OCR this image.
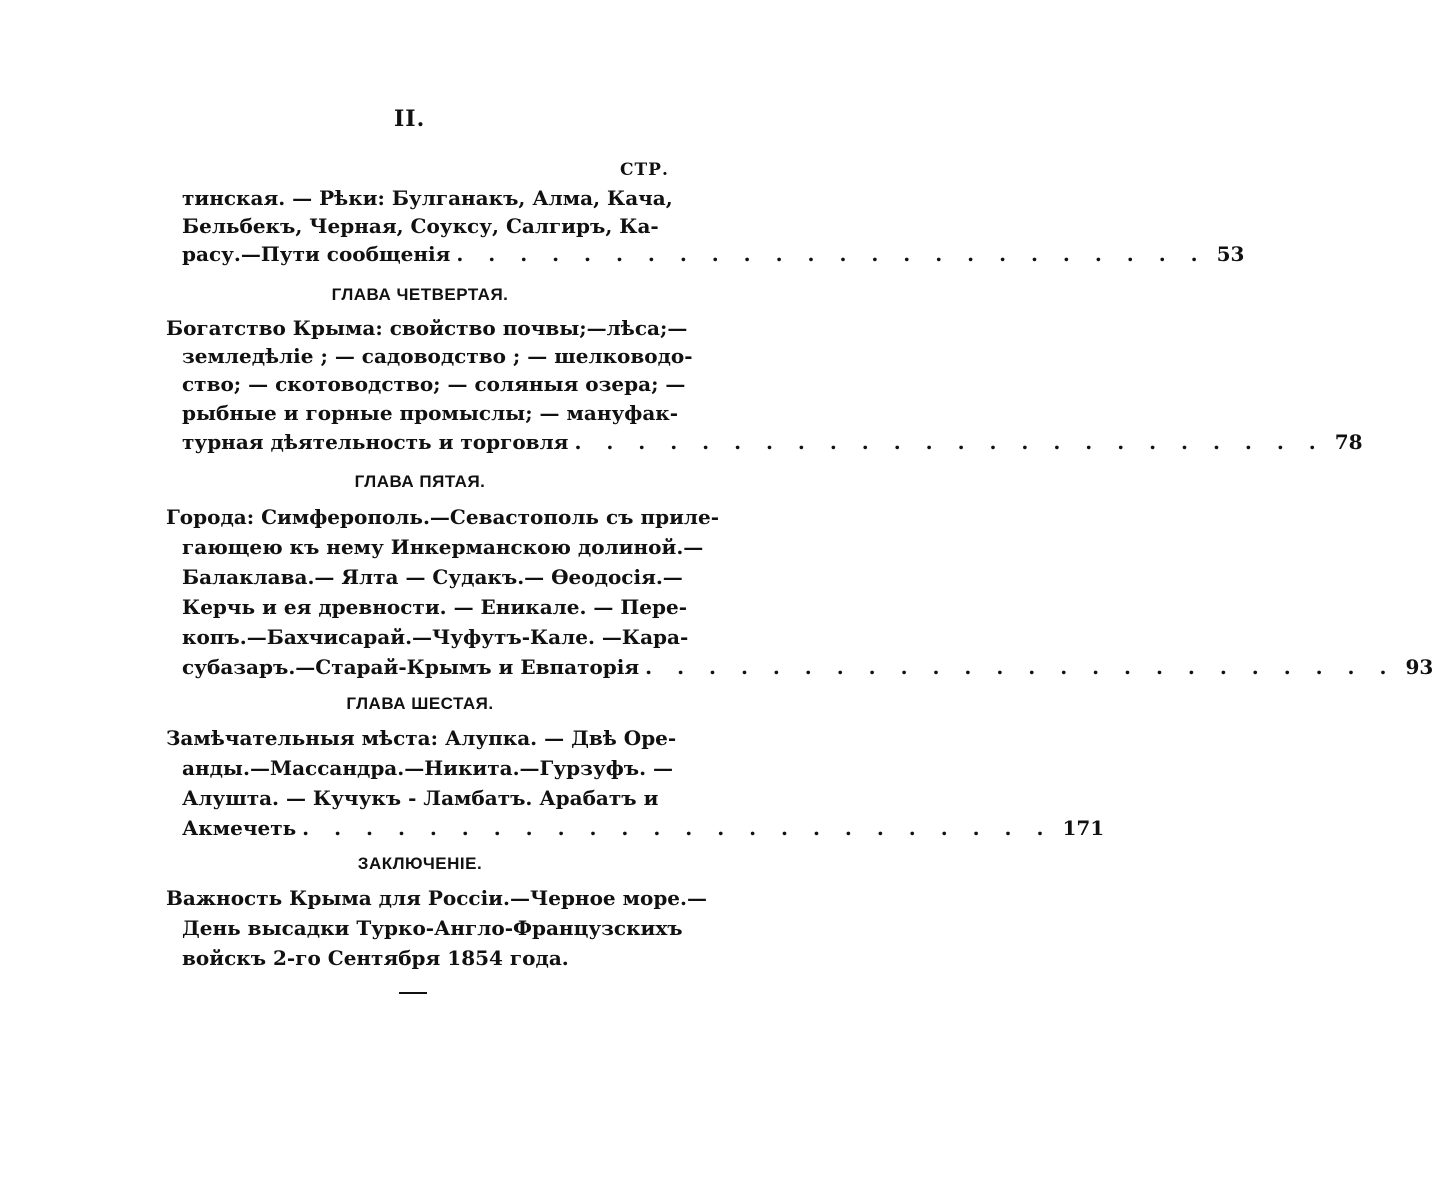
II.
СТР.
тинская. — Рѣки: Булганакъ, Алма, Кача,
Бельбекъ, Черная, Соуксу, Салгиръ, Ка-
расу.—Пути сообщенія . . . . . . . . . . . . . . . . . . . . . . . . 53
ГЛАВА ЧЕТВЕРТАЯ.
Богатство Крыма: свойство почвы;—лѣса;—
земледѣліе ; — садоводство ; — шелководо-
ство; — скотоводство; — соляныя озера; —
рыбные и горные промыслы; — мануфак-
турная дѣятельность и торговля . . . . . . . . . . . . . . . . . . . . . . . . 78
ГЛАВА ПЯТАЯ.
Города: Симферополь.—Севастополь съ приле-
гающею къ нему Инкерманскою долиной.—
Балаклава.— Ялта — Судакъ.— Өеодосія.—
Керчь и ея древности. — Еникале. — Пере-
копъ.—Бахчисарай.—Чуфутъ-Кале. —Кара-
субазаръ.—Старай-Крымъ и Евпаторія . . . . . . . . . . . . . . . . . . . . . . . . 93
ГЛАВА ШЕСТАЯ.
Замѣчательныя мѣста: Алупка. — Двѣ Оре-
анды.—Массандра.—Никита.—Гурзуфъ. —
Алушта. — Кучукъ - Ламбатъ. Арабатъ и
Акмечеть . . . . . . . . . . . . . . . . . . . . . . . . 171
ЗАКЛЮЧЕНІЕ.
Важность Крыма для Россіи.—Черное море.—
День высадки Турко-Англо-Французскихъ
войскъ 2-го Сентября 1854 года.
